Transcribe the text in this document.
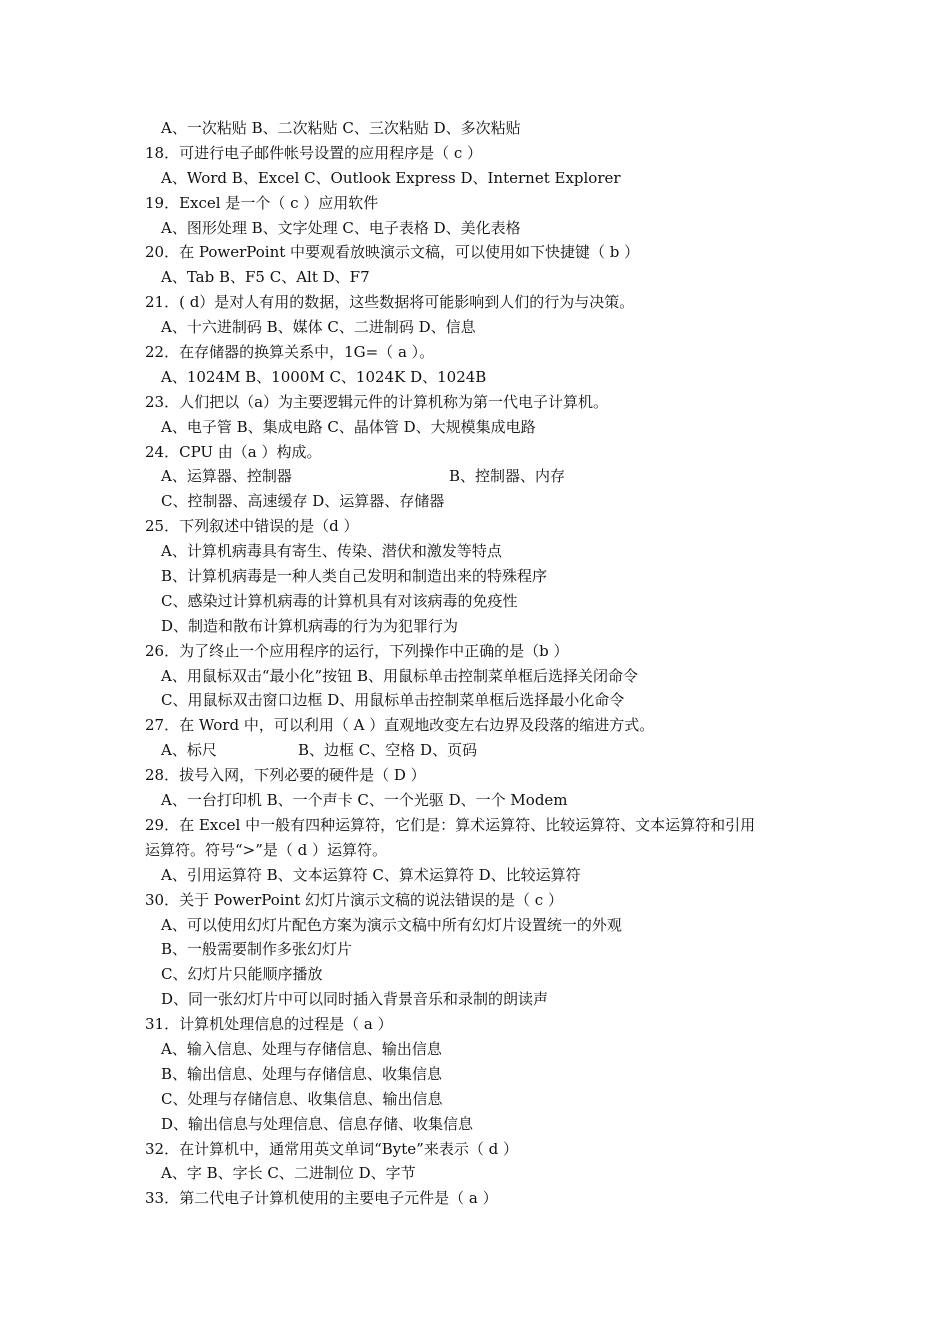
A、一次粘贴 B、二次粘贴 C、三次粘贴 D、多次粘贴
18．可进行电子邮件帐号设置的应用程序是（ c ）
A、Word B、Excel C、Outlook Express D、Internet Explorer
19．Excel 是一个（ c ）应用软件
A、图形处理 B、文字处理 C、电子表格 D、美化表格
20．在 PowerPoint 中要观看放映演示文稿，可以使用如下快捷键（ b ）
A、Tab B、F5 C、Alt D、F7
21．( d）是对人有用的数据，这些数据将可能影响到人们的行为与决策。
A、十六进制码 B、媒体 C、二进制码 D、信息
22．在存储器的换算关系中，1G=（ a ）。
A、1024M B、1000M C、1024K D、1024B
23．人们把以（a）为主要逻辑元件的计算机称为第一代电子计算机。
A、电子管 B、集成电路 C、晶体管 D、大规模集成电路
24．CPU 由（a ）构成。
A、运算器、控制器	B、控制器、内存
C、控制器、高速缓存 D、运算器、存储器
25．下列叙述中错误的是（d ）
A、计算机病毒具有寄生、传染、潜伏和激发等特点
B、计算机病毒是一种人类自己发明和制造出来的特殊程序
C、感染过计算机病毒的计算机具有对该病毒的免疫性
D、制造和散布计算机病毒的行为为犯罪行为
26．为了终止一个应用程序的运行，下列操作中正确的是（b ）
A、用鼠标双击“最小化”按钮 B、用鼠标单击控制菜单框后选择关闭命令
C、用鼠标双击窗口边框 D、用鼠标单击控制菜单框后选择最小化命令
27．在 Word 中，可以利用（ A ）直观地改变左右边界及段落的缩进方式。
A、标尺	B、边框 C、空格 D、页码
28．拔号入网，下列必要的硬件是（ D ）
A、一台打印机 B、一个声卡 C、一个光驱 D、一个 Modem
29．在 Excel 中一般有四种运算符，它们是：算术运算符、比较运算符、文本运算符和引用
运算符。符号“>”是（ d ）运算符。
A、引用运算符 B、文本运算符 C、算术运算符 D、比较运算符
30．关于 PowerPoint 幻灯片演示文稿的说法错误的是（ c ）
A、可以使用幻灯片配色方案为演示文稿中所有幻灯片设置统一的外观
B、一般需要制作多张幻灯片
C、幻灯片只能顺序播放
D、同一张幻灯片中可以同时插入背景音乐和录制的朗读声
31．计算机处理信息的过程是（ a ）
A、输入信息、处理与存储信息、输出信息
B、输出信息、处理与存储信息、收集信息
C、处理与存储信息、收集信息、输出信息
D、输出信息与处理信息、信息存储、收集信息
32．在计算机中，通常用英文单词“Byte”来表示（ d ）
A、字 B、字长 C、二进制位 D、字节
33．第二代电子计算机使用的主要电子元件是（ a ）
